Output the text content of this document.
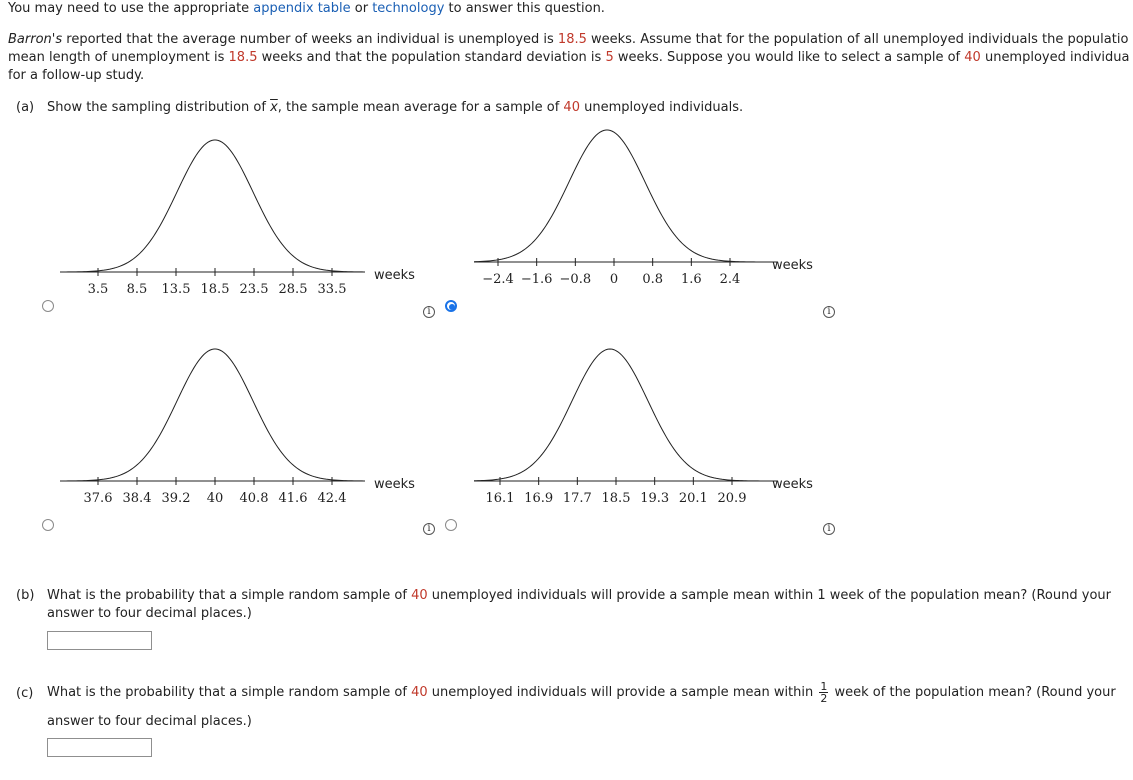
You may need to use the appropriate appendix table or technology to answer this question.
Barron's reported that the average number of weeks an individual is unemployed is 18.5 weeks. Assume that for the population of all unemployed individuals the populatio
mean length of unemployment is 18.5 weeks and that the population standard deviation is 5 weeks. Suppose you would like to select a sample of 40 unemployed individua
for a follow-up study.
(a) Show the sampling distribution of $\overline{x}$, the sample mean average for a sample of 40 unemployed individuals.
3.5 8.5 13.5 18.5 23.5 28.5 33.5
weeks
i
−2.4 −1.6 −0.8 0 0.8 1.6 2.4
weeks
i
37.6 38.4 39.2 40 40.8 41.6 42.4
weeks
i
16.1 16.9 17.7 18.5 19.3 20.1 20.9
weeks
i
(b) What is the probability that a simple random sample of 40 unemployed individuals will provide a sample mean within 1 week of the population mean? (Round your
answer to four decimal places.)
(c) What is the probability that a simple random sample of 40 unemployed individuals will provide a sample mean within $\frac{1}{2}$ week of the population mean? (Round your
answer to four decimal places.)
